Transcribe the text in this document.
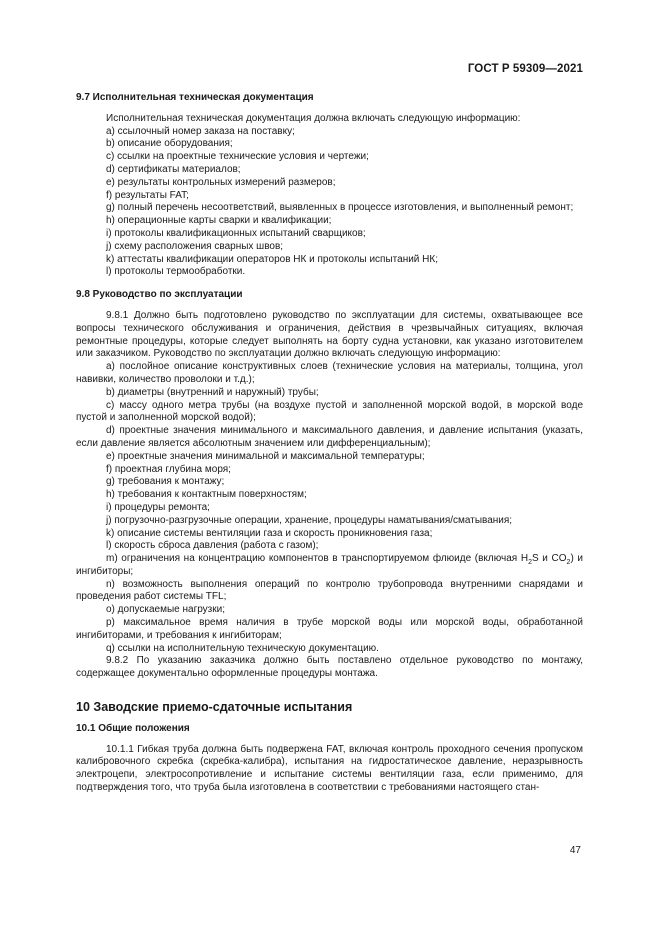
ГОСТ Р 59309—2021
9.7 Исполнительная техническая документация

Исполнительная техническая документация должна включать следующую информацию:

a) ссылочный номер заказа на поставку;

b) описание оборудования;

c) ссылки на проектные технические условия и чертежи;

d) сертификаты материалов;

e) результаты контрольных измерений размеров;

f) результаты FAT;

g) полный перечень несоответствий, выявленных в процессе изготовления, и выполненный ремонт;

h) операционные карты сварки и квалификации;

i) протоколы квалификационных испытаний сварщиков;

j) схему расположения сварных швов;

k) аттестаты квалификации операторов НК и протоколы испытаний НК;

l) протоколы термообработки.

9.8 Руководство по эксплуатации

9.8.1 Должно быть подготовлено руководство по эксплуатации для системы, охватывающее все вопросы технического обслуживания и ограничения, действия в чрезвычайных ситуациях, включая ремонтные процедуры, которые следует выполнять на борту судна установки, как указано изготовителем или заказчиком. Руководство по эксплуатации должно включать следующую информацию:

a) послойное описание конструктивных слоев (технические условия на материалы, толщина, угол навивки, количество проволоки и т.д.);

b) диаметры (внутренний и наружный) трубы;

c) массу одного метра трубы (на воздухе пустой и заполненной морской водой, в морской воде пустой и заполненной морской водой);

d) проектные значения минимального и максимального давления, и давление испытания (указать, если давление является абсолютным значением или дифференциальным);

e) проектные значения минимальной и максимальной температуры;

f) проектная глубина моря;

g) требования к монтажу;

h) требования к контактным поверхностям;

i) процедуры ремонта;

j) погрузочно-разгрузочные операции, хранение, процедуры наматывания/сматывания;

k) описание системы вентиляции газа и скорость проникновения газа;

l) скорость сброса давления (работа с газом);

m) ограничения на концентрацию компонентов в транспортируемом флюиде (включая $H_2S$ и $CO_2$) и ингибиторы;

n) возможность выполнения операций по контролю трубопровода внутренними снарядами и проведения работ системы TFL;

o) допускаемые нагрузки;

p) максимальное время наличия в трубе морской воды или морской воды, обработанной ингибиторами, и требования к ингибиторам;

q) ссылки на исполнительную техническую документацию.

9.8.2 По указанию заказчика должно быть поставлено отдельное руководство по монтажу, содержащее документально оформленные процедуры монтажа.

10 Заводские приемо-сдаточные испытания
10.1 Общие положения

10.1.1 Гибкая труба должна быть подвержена FAT, включая контроль проходного сечения пропуском калибровочного скребка (скребка-калибра), испытания на гидростатическое давление, неразрывность электроцепи, электросопротивление и испытание системы вентиляции газа, если применимо, для подтверждения того, что труба была изготовлена в соответствии с требованиями настоящего стан-

47
